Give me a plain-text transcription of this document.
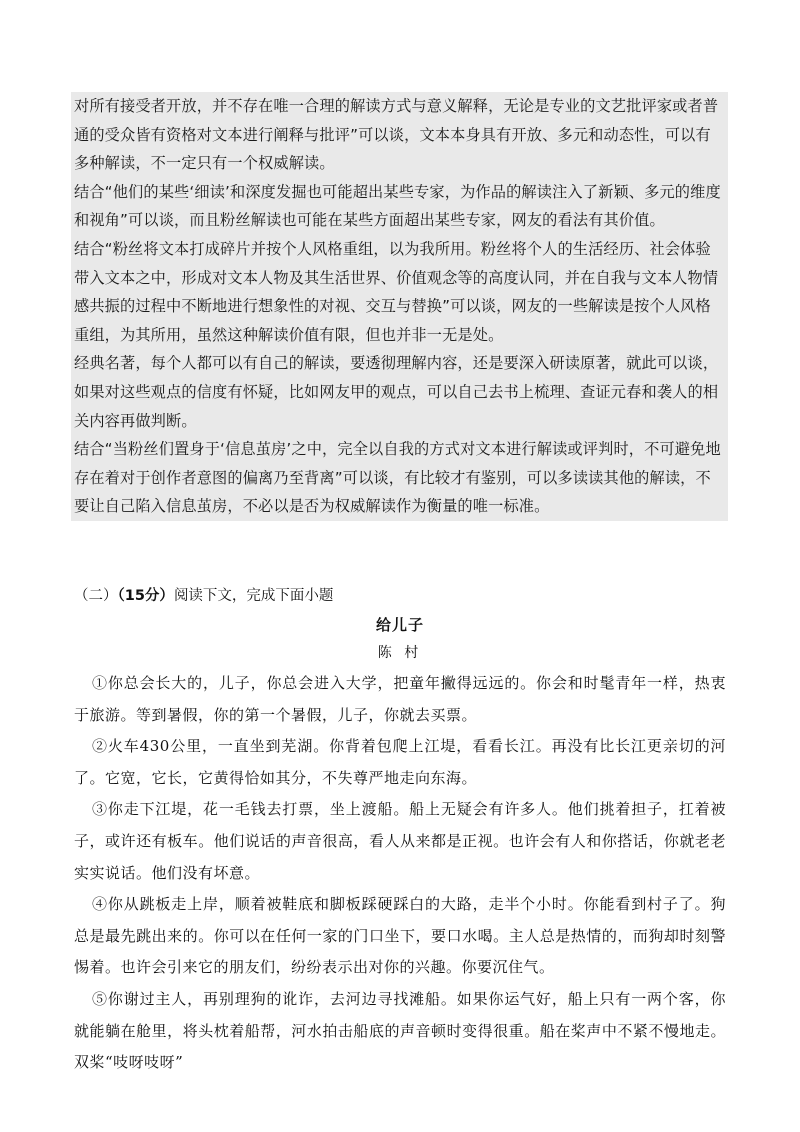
对所有接受者开放，并不存在唯一合理的解读方式与意义解释，无论是专业的文艺批评家或者普通的受众皆有资格对文本进行阐释与批评”可以谈，文本本身具有开放、多元和动态性，可以有多种解读，不一定只有一个权威解读。

结合“他们的某些‘细读’和深度发掘也可能超出某些专家，为作品的解读注入了新颖、多元的维度和视角”可以谈，而且粉丝解读也可能在某些方面超出某些专家，网友的看法有其价值。

结合“粉丝将文本打成碎片并按个人风格重组，以为我所用。粉丝将个人的生活经历、社会体验带入文本之中，形成对文本人物及其生活世界、价值观念等的高度认同，并在自我与文本人物情感共振的过程中不断地进行想象性的对视、交互与替换”可以谈，网友的一些解读是按个人风格重组，为其所用，虽然这种解读价值有限，但也并非一无是处。

经典名著，每个人都可以有自己的解读，要透彻理解内容，还是要深入研读原著，就此可以谈，如果对这些观点的信度有怀疑，比如网友甲的观点，可以自己去书上梳理、查证元春和袭人的相关内容再做判断。

结合“当粉丝们置身于‘信息茧房’之中，完全以自我的方式对文本进行解读或评判时，不可避免地存在着对于创作者意图的偏离乃至背离”可以谈，有比较才有鉴别，可以多读读其他的解读，不要让自己陷入信息茧房，不必以是否为权威解读作为衡量的唯一标准。

（二）（15分）阅读下文，完成下面小题
给儿子
陈 村

①你总会长大的，儿子，你总会进入大学，把童年撇得远远的。你会和时髦青年一样，热衷于旅游。等到暑假，你的第一个暑假，儿子，你就去买票。

②火车430公里，一直坐到芜湖。你背着包爬上江堤，看看长江。再没有比长江更亲切的河了。它宽，它长，它黄得恰如其分，不失尊严地走向东海。

③你走下江堤，花一毛钱去打票，坐上渡船。船上无疑会有许多人。他们挑着担子，扛着被子，或许还有板车。他们说话的声音很高，看人从来都是正视。也许会有人和你搭话，你就老老实实说话。他们没有坏意。

④你从跳板走上岸，顺着被鞋底和脚板踩硬踩白的大路，走半个小时。你能看到村子了。狗总是最先跳出来的。你可以在任何一家的门口坐下，要口水喝。主人总是热情的，而狗却时刻警惕着。也许会引来它的朋友们，纷纷表示出对你的兴趣。你要沉住气。

⑤你谢过主人，再别理狗的讹诈，去河边寻找滩船。如果你运气好，船上只有一两个客，你就能躺在舱里，将头枕着船帮，河水拍击船底的声音顿时变得很重。船在桨声中不紧不慢地走。双桨“吱呀吱呀”
